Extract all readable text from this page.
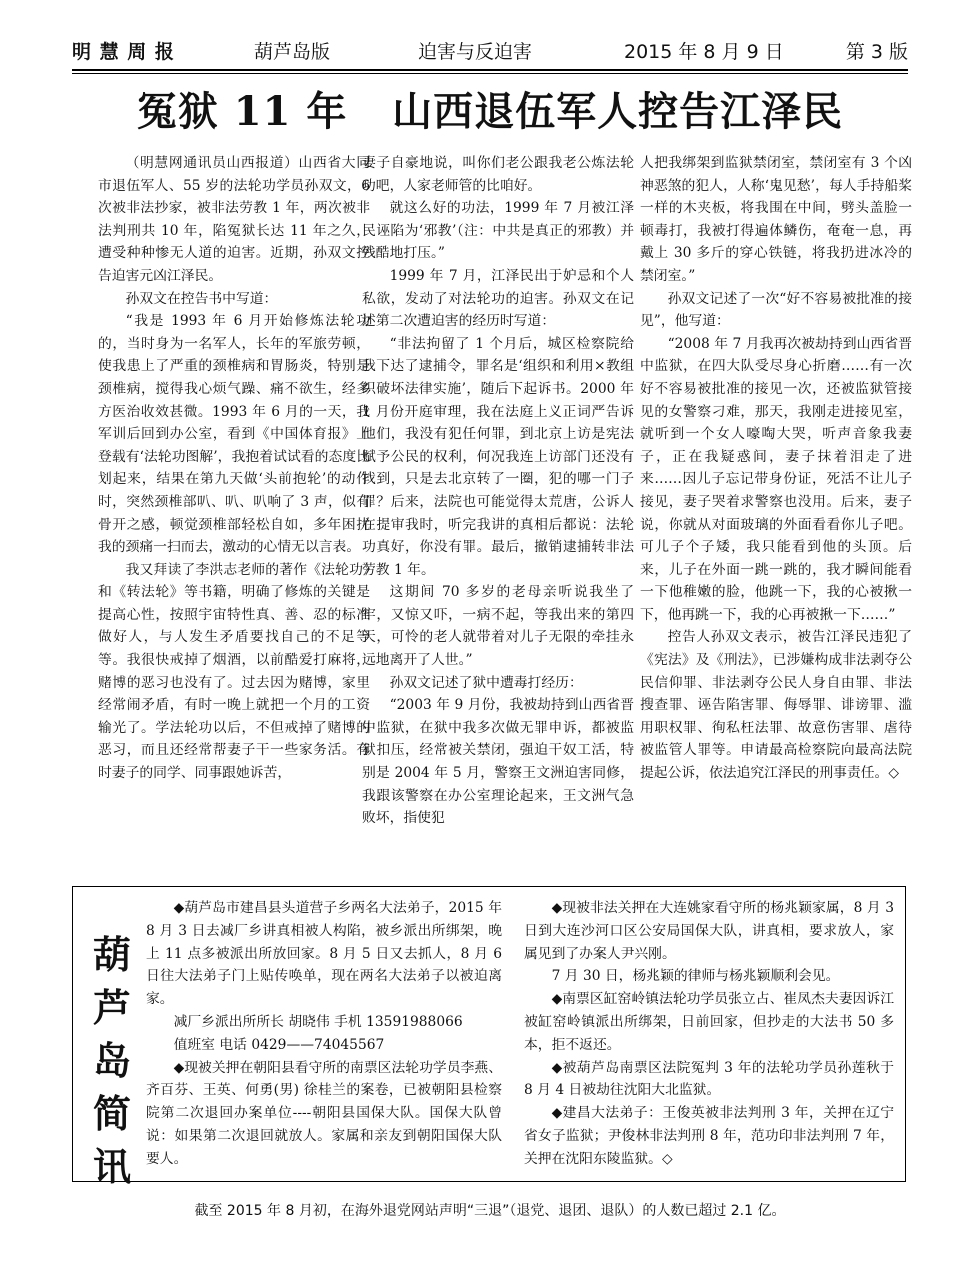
明 慧 周 报	葫芦岛版	迫害与反迫害	2015 年 8 月 9 日	第 3 版
冤狱 11 年   山西退伍军人控告江泽民

（明慧网通讯员山西报道）山西省大同市退伍军人、55 岁的法轮功学员孙双文，6 次被非法抄家，被非法劳教 1 年，两次被非法判刑共 10 年，陷冤狱长达 11 年之久，遭受种种惨无人道的迫害。近期，孙双文控告迫害元凶江泽民。

孙双文在控告书中写道：

“我是 1993 年 6 月开始修炼法轮功的，当时身为一名军人，长年的军旅劳顿，使我患上了严重的颈椎病和胃肠炎，特别是颈椎病，搅得我心烦气躁、痛不欲生，经多方医治收效甚微。1993 年 6 月的一天，我军训后回到办公室，看到《中国体育报》上登载有‘法轮功图解’，我抱着试试看的态度比划起来，结果在第九天做‘头前抱轮’的动作时，突然颈椎部叭、叭、叭响了 3 声，似有骨开之感，顿觉颈椎部轻松自如，多年困扰我的颈痛一扫而去，激动的心情无以言表。

我又拜读了李洪志老师的著作《法轮功》和《转法轮》等书籍，明确了修炼的关键是提高心性，按照宇宙特性真、善、忍的标准做好人，与人发生矛盾要找自己的不足等等。我很快戒掉了烟酒，以前酷爱打麻将，赌博的恶习也没有了。过去因为赌博，家里经常闹矛盾，有时一晚上就把一个月的工资输光了。学法轮功以后，不但戒掉了赌博的恶习，而且还经常帮妻子干一些家务活。有时妻子的同学、同事跟她诉苦，

妻子自豪地说，叫你们老公跟我老公炼法轮功吧，人家老师管的比咱好。

就这么好的功法，1999 年 7 月被江泽民诬陷为‘邪教’（注：中共是真正的邪教）并残酷地打压。”

1999 年 7 月，江泽民出于妒忌和个人私欲，发动了对法轮功的迫害。孙双文在记述第二次遭迫害的经历时写道：

“非法拘留了 1 个月后，城区检察院给我下达了逮捕令，罪名是‘组织和利用×教组织破坏法律实施’，随后下起诉书。2000 年 1 月份开庭审理，我在法庭上义正词严告诉他们，我没有犯任何罪，到北京上访是宪法赋予公民的权利，何况我连上访部门还没有找到，只是去北京转了一圈，犯的哪一门子罪？后来，法院也可能觉得太荒唐，公诉人在提审我时，听完我讲的真相后都说：法轮功真好，你没有罪。最后，撤销逮捕转非法劳教 1 年。

这期间 70 多岁的老母亲听说我坐了牢，又惊又吓，一病不起，等我出来的第四天，可怜的老人就带着对儿子无限的牵挂永远地离开了人世。”

孙双文记述了狱中遭毒打经历：

“2003 年 9 月份，我被劫持到山西省晋中监狱，在狱中我多次做无罪申诉，都被监狱扣压，经常被关禁闭，强迫干奴工活，特别是 2004 年 5 月，警察王文洲迫害同修，我跟该警察在办公室理论起来，王文洲气急败坏，指使犯

人把我绑架到监狱禁闭室，禁闭室有 3 个凶神恶煞的犯人，人称‘鬼见愁’，每人手持船桨一样的木夹板，将我围在中间，劈头盖脸一顿毒打，我被打得遍体鳞伤，奄奄一息，再戴上 30 多斤的穿心铁链，将我扔进冰冷的禁闭室。”

孙双文记述了一次“好不容易被批准的接见”，他写道：

“2008 年 7 月我再次被劫持到山西省晋中监狱，在四大队受尽身心折磨……有一次好不容易被批准的接见一次，还被监狱管接见的女警察刁难，那天，我刚走进接见室，就听到一个女人嚎啕大哭，听声音象我妻子，正在我疑惑间，妻子抹着泪走了进来……因儿子忘记带身份证，死活不让儿子接见，妻子哭着求警察也没用。后来，妻子说，你就从对面玻璃的外面看看你儿子吧。可儿子个子矮，我只能看到他的头顶。后来，儿子在外面一跳一跳的，我才瞬间能看一下他稚嫩的脸，他跳一下，我的心被揪一下，他再跳一下，我的心再被揪一下……”

控告人孙双文表示，被告江泽民违犯了《宪法》及《刑法》，已涉嫌构成非法剥夺公民信仰罪、非法剥夺公民人身自由罪、非法搜查罪、诬告陷害罪、侮辱罪、诽谤罪、滥用职权罪、徇私枉法罪、故意伤害罪、虐待被监管人罪等。申请最高检察院向最高法院提起公诉，依法追究江泽民的刑事责任。◇

葫
芦
岛
简
讯

◆葫芦岛市建昌县头道营子乡两名大法弟子，2015 年 8 月 3 日去减厂乡讲真相被人构陷，被乡派出所绑架，晚上 11 点多被派出所放回家。8 月 5 日又去抓人，8 月 6 日往大法弟子门上贴传唤单，现在两名大法弟子以被迫离家。

减厂乡派出所所长 胡晓伟 手机 13591988066

值班室 电话 0429——74045567

◆现被关押在朝阳县看守所的南票区法轮功学员李燕、齐百芬、王英、何勇(男) 徐桂兰的案卷，已被朝阳县检察院第二次退回办案单位----朝阳县国保大队。国保大队曾说：如果第二次退回就放人。家属和亲友到朝阳国保大队要人。

◆现被非法关押在大连姚家看守所的杨兆颖家属，8 月 3 日到大连沙河口区公安局国保大队，讲真相，要求放人，家属见到了办案人尹兴刚。

7 月 30 日，杨兆颖的律师与杨兆颖顺利会见。

◆南票区缸窑岭镇法轮功学员张立占、崔凤杰夫妻因诉江被缸窑岭镇派出所绑架，日前回家，但抄走的大法书 50 多本，拒不返还。

◆被葫芦岛南票区法院冤判 3 年的法轮功学员孙莲秋于 8 月 4 日被劫往沈阳大北监狱。

◆建昌大法弟子：王俊英被非法判刑 3 年，关押在辽宁省女子监狱；尹俊林非法判刑 8 年，范功印非法判刑 7 年，关押在沈阳东陵监狱。◇

截至 2015 年 8 月初，在海外退党网站声明“三退”（退党、退团、退队）的人数已超过 2.1 亿。
